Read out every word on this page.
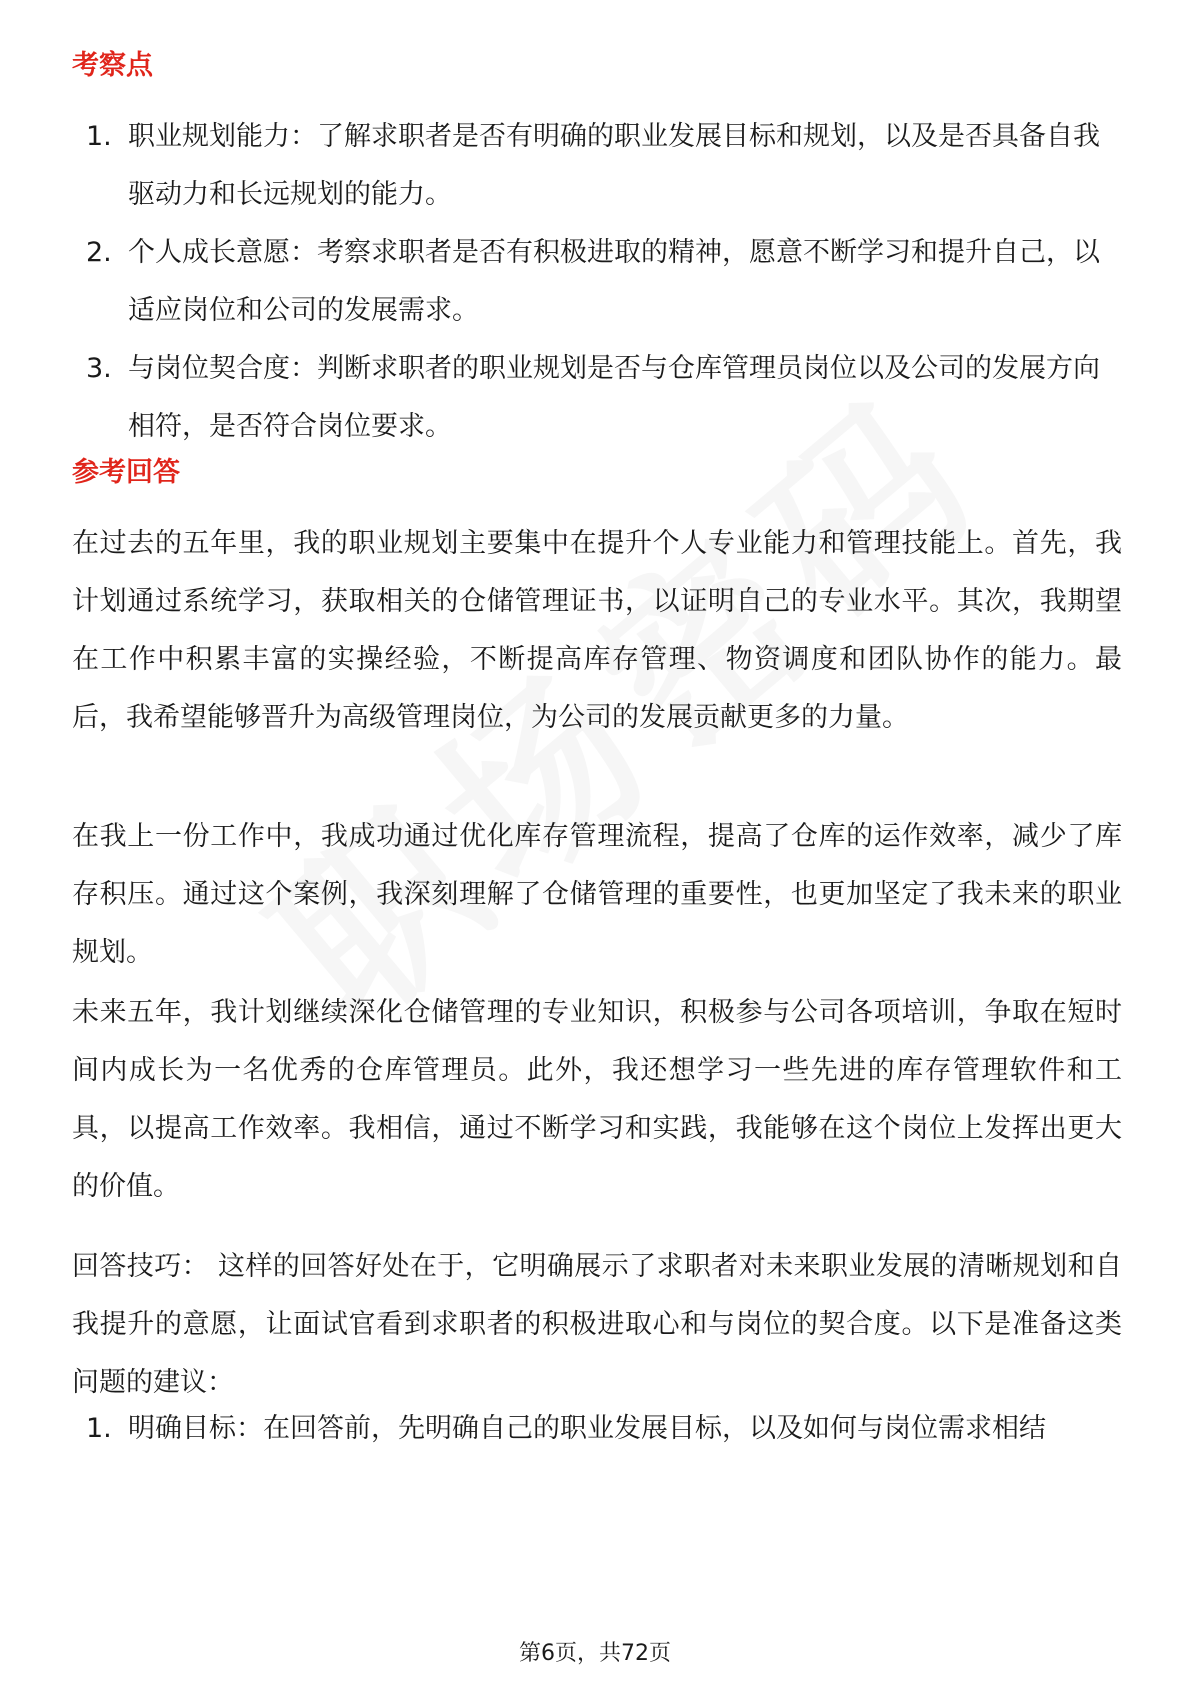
考察点
1. 职业规划能力：了解求职者是否有明确的职业发展目标和规划，以及是否具备自我驱动力和长远规划的能力。
2. 个人成长意愿：考察求职者是否有积极进取的精神，愿意不断学习和提升自己，以适应岗位和公司的发展需求。
3. 与岗位契合度：判断求职者的职业规划是否与仓库管理员岗位以及公司的发展方向相符，是否符合岗位要求。
参考回答

在过去的五年里，我的职业规划主要集中在提升个人专业能力和管理技能上。首先，我计划通过系统学习，获取相关的仓储管理证书，以证明自己的专业水平。其次，我期望在工作中积累丰富的实操经验，不断提高库存管理、物资调度和团队协作的能力。最后，我希望能够晋升为高级管理岗位，为公司的发展贡献更多的力量。

在我上一份工作中，我成功通过优化库存管理流程，提高了仓库的运作效率，减少了库存积压。通过这个案例，我深刻理解了仓储管理的重要性，也更加坚定了我未来的职业规划。

未来五年，我计划继续深化仓储管理的专业知识，积极参与公司各项培训，争取在短时间内成长为一名优秀的仓库管理员。此外，我还想学习一些先进的库存管理软件和工具，以提高工作效率。我相信，通过不断学习和实践，我能够在这个岗位上发挥出更大的价值。

回答技巧： 这样的回答好处在于，它明确展示了求职者对未来职业发展的清晰规划和自我提升的意愿，让面试官看到求职者的积极进取心和与岗位的契合度。以下是准备这类问题的建议：

1. 明确目标：在回答前，先明确自己的职业发展目标，以及如何与岗位需求相结
第6页，共72页
